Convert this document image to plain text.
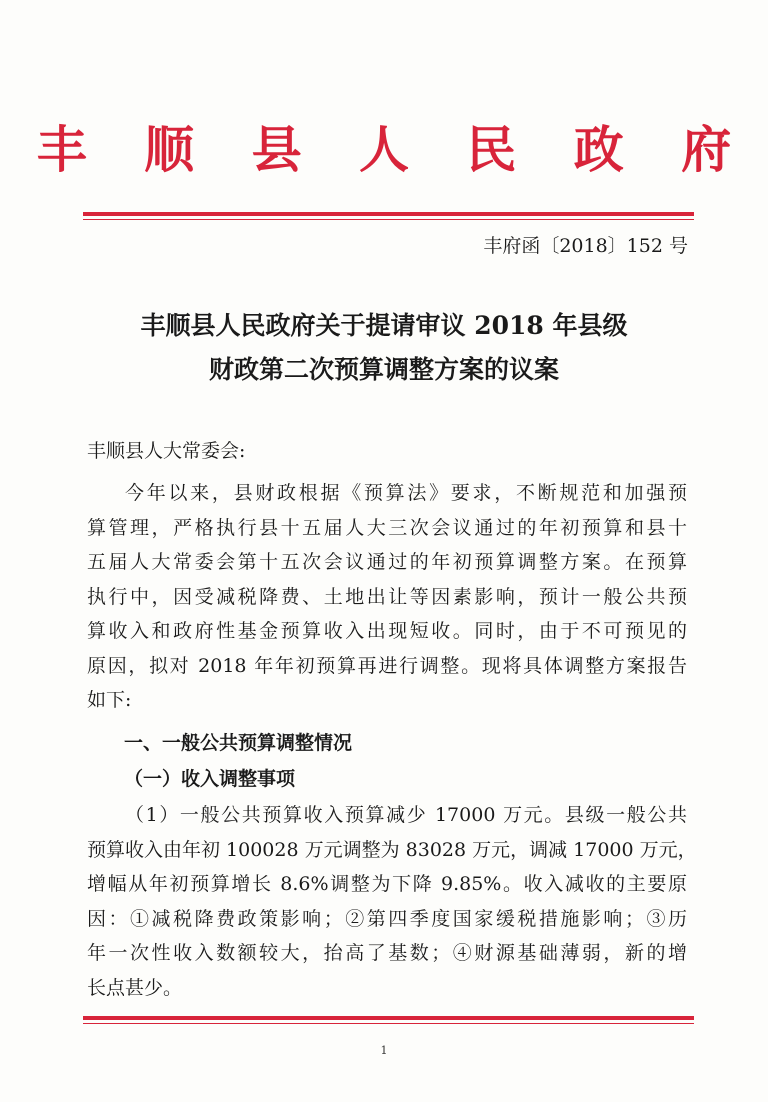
丰 顺 县 人 民 政 府
丰府函〔2018〕152 号
丰顺县人民政府关于提请审议 2018 年县级
财政第二次预算调整方案的议案
丰顺县人大常委会:
今年以来，县财政根据《预算法》要求，不断规范和加强预
算管理，严格执行县十五届人大三次会议通过的年初预算和县十
五届人大常委会第十五次会议通过的年初预算调整方案。在预算
执行中，因受减税降费、土地出让等因素影响，预计一般公共预
算收入和政府性基金预算收入出现短收。同时，由于不可预见的
原因，拟对 2018 年年初预算再进行调整。现将具体调整方案报告
如下:
一、一般公共预算调整情况
（一）收入调整事项
（1）一般公共预算收入预算减少 17000 万元。县级一般公共
预算收入由年初 100028 万元调整为 83028 万元，调减 17000 万元，
增幅从年初预算增长 8.6%调整为下降 9.85%。收入减收的主要原
因：①减税降费政策影响；②第四季度国家缓税措施影响；③历
年一次性收入数额较大，抬高了基数；④财源基础薄弱，新的增
长点甚少。
1
